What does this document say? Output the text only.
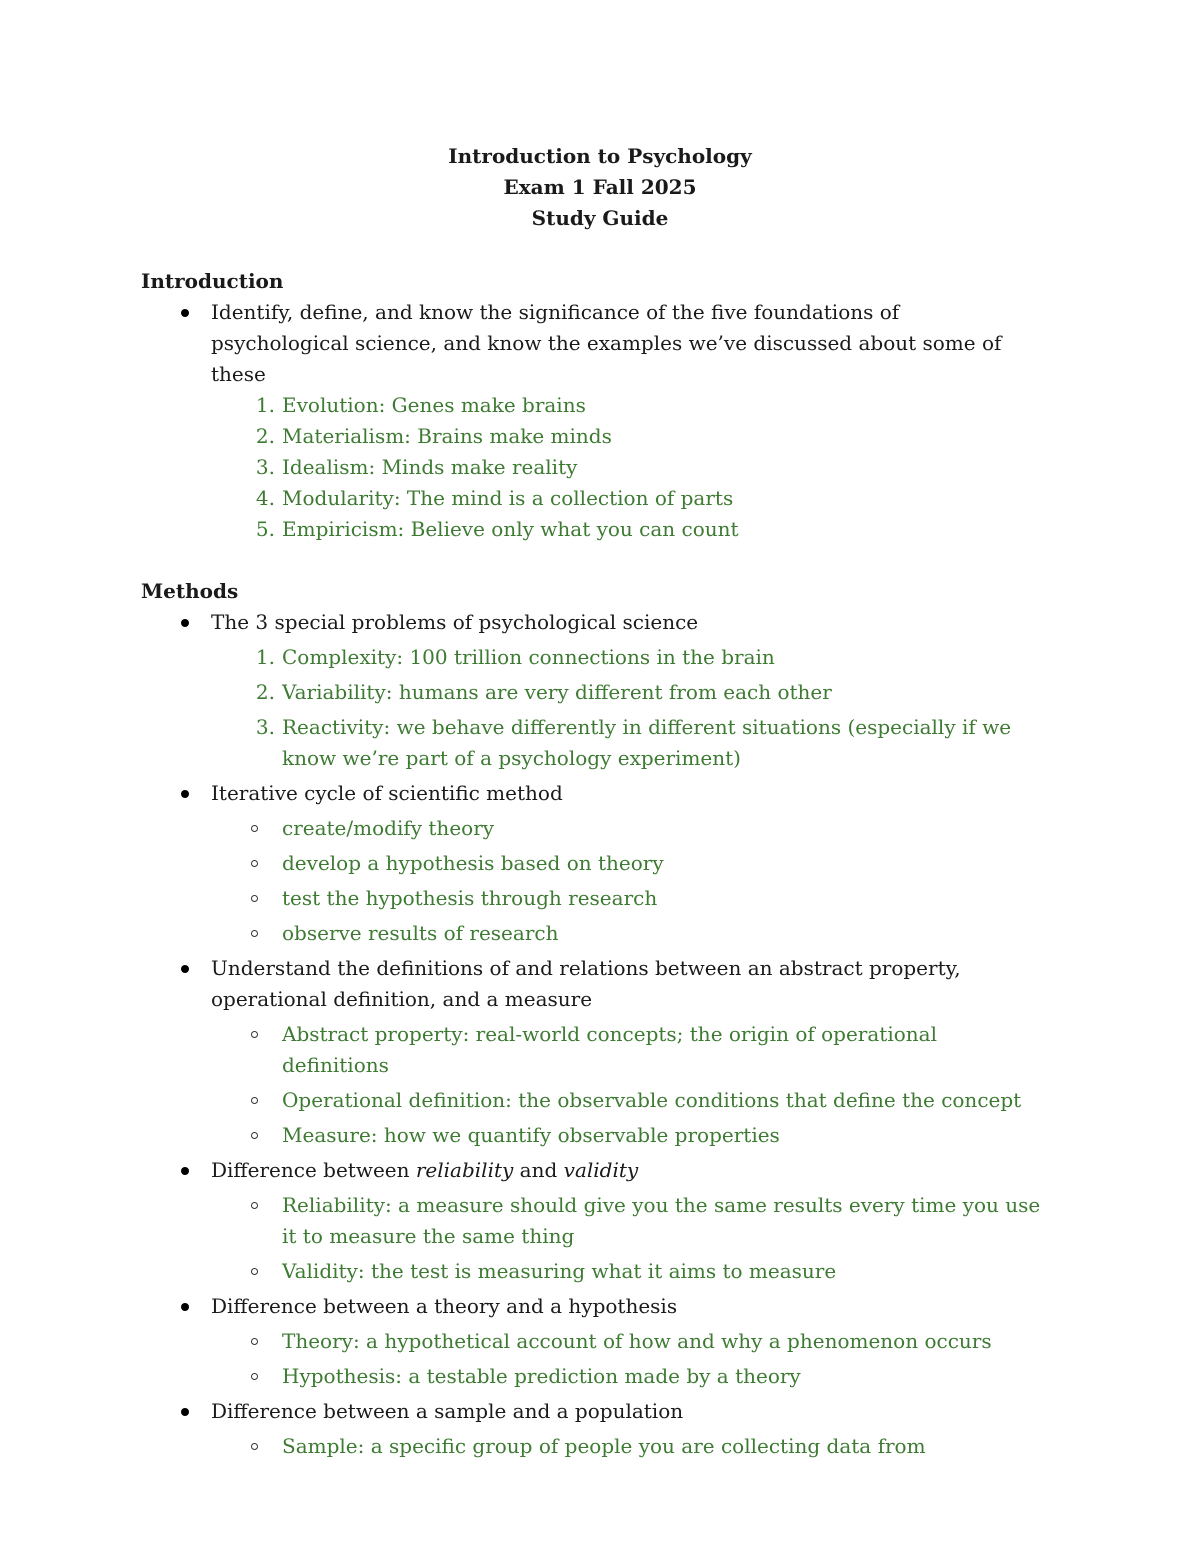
Introduction to Psychology
Exam 1 Fall 2025
Study Guide
Introduction
Identify, define, and know the significance of the five foundations of psychological science, and know the examples we’ve discussed about some of these
1. Evolution: Genes make brains
2. Materialism: Brains make minds
3. Idealism: Minds make reality
4. Modularity: The mind is a collection of parts
5. Empiricism: Believe only what you can count
Methods
The 3 special problems of psychological science
1. Complexity: 100 trillion connections in the brain
2. Variability: humans are very different from each other
3. Reactivity: we behave differently in different situations (especially if we know we’re part of a psychology experiment)
Iterative cycle of scientific method
create/modify theory
develop a hypothesis based on theory
test the hypothesis through research
observe results of research
Understand the definitions of and relations between an abstract property, operational definition, and a measure
Abstract property: real-world concepts; the origin of operational definitions
Operational definition: the observable conditions that define the concept
Measure: how we quantify observable properties
Difference between reliability and validity
Reliability: a measure should give you the same results every time you use it to measure the same thing
Validity: the test is measuring what it aims to measure
Difference between a theory and a hypothesis
Theory: a hypothetical account of how and why a phenomenon occurs
Hypothesis: a testable prediction made by a theory
Difference between a sample and a population
Sample: a specific group of people you are collecting data from
